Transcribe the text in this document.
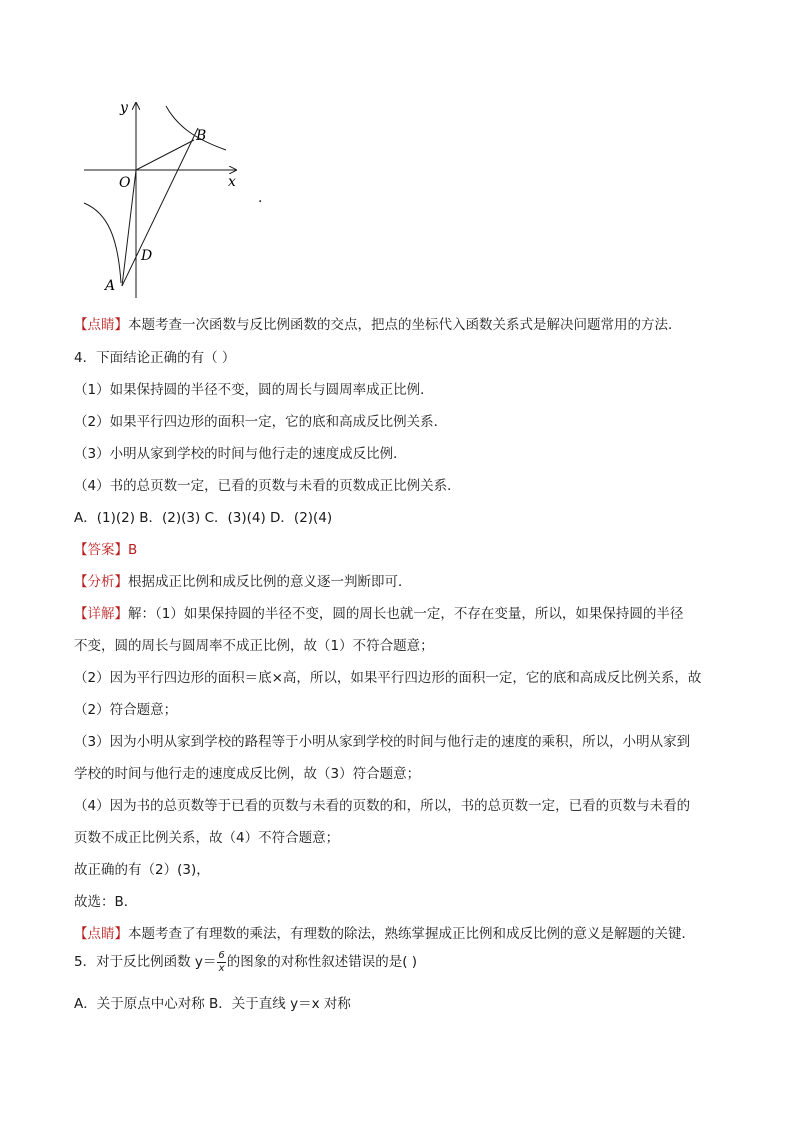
y
x
O
B
D
A
.
【点睛】本题考查一次函数与反比例函数的交点，把点的坐标代入函数关系式是解决问题常用的方法．
4．下面结论正确的有（ ）
（1）如果保持圆的半径不变，圆的周长与圆周率成正比例．
（2）如果平行四边形的面积一定，它的底和高成反比例关系．
（3）小明从家到学校的时间与他行走的速度成反比例．
（4）书的总页数一定，已看的页数与未看的页数成正比例关系．
A．(1)(2) B．(2)(3) C．(3)(4) D．(2)(4)
【答案】B
【分析】根据成正比例和成反比例的意义逐一判断即可．
【详解】解：（1）如果保持圆的半径不变，圆的周长也就一定，不存在变量，所以，如果保持圆的半径
不变，圆的周长与圆周率不成正比例，故（1）不符合题意；
（2）因为平行四边形的面积＝底×高，所以，如果平行四边形的面积一定，它的底和高成反比例关系，故
（2）符合题意；
（3）因为小明从家到学校的路程等于小明从家到学校的时间与他行走的速度的乘积，所以，小明从家到
学校的时间与他行走的速度成反比例，故（3）符合题意；
（4）因为书的总页数等于已看的页数与未看的页数的和，所以，书的总页数一定，已看的页数与未看的
页数不成正比例关系，故（4）不符合题意；
故正确的有（2）(3)，
故选：B．
【点睛】本题考查了有理数的乘法，有理数的除法，熟练掌握成正比例和成反比例的意义是解题的关键．
5．对于反比例函数 $y= \frac{6}{x}$ 的图象的对称性叙述错误的是( )
A．关于原点中心对称 B．关于直线 y＝x 对称
